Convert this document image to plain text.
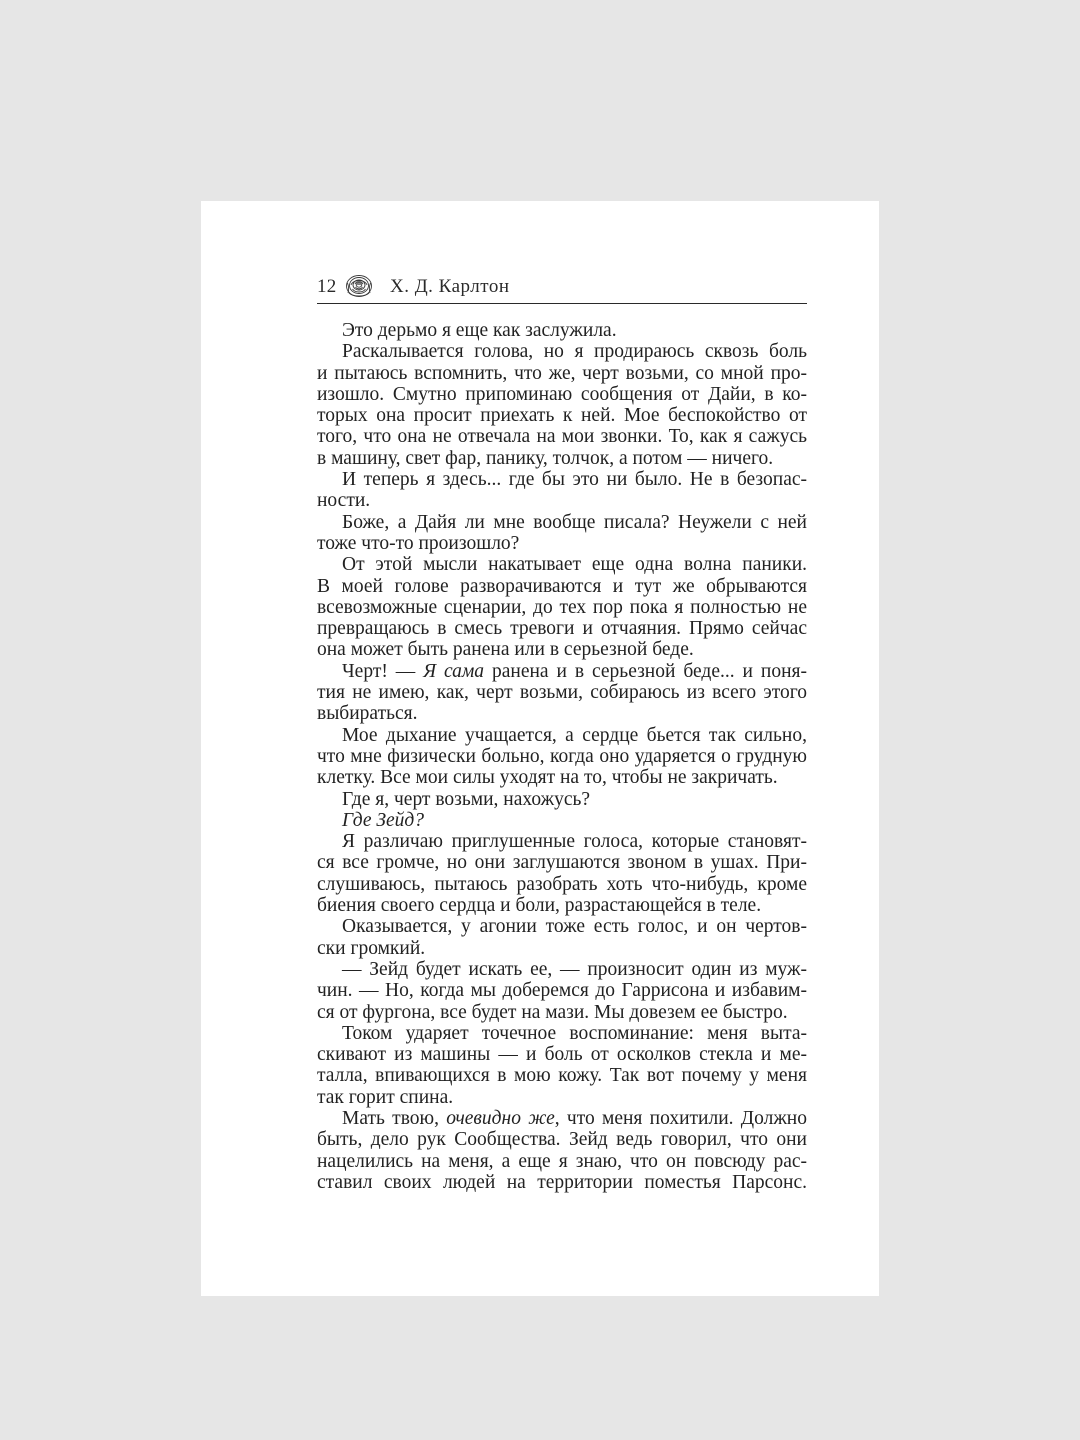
12	Х. Д. Карлтон
Это дерьмо я еще как заслужила.
Раскалывается голова, но я продираюсь сквозь боль
и пытаюсь вспомнить, что же, черт возьми, со мной про-
изошло. Смутно припоминаю сообщения от Дайи, в ко-
торых она просит приехать к ней. Мое беспокойство от
того, что она не отвечала на мои звонки. То, как я сажусь
в машину, свет фар, панику, толчок, а потом — ничего.
И теперь я здесь... где бы это ни было. Не в безопас-
ности.
Боже, а Дайя ли мне вообще писала? Неужели с ней
тоже что-то произошло?
От этой мысли накатывает еще одна волна паники.
В моей голове разворачиваются и тут же обрываются
всевозможные сценарии, до тех пор пока я полностью не
превращаюсь в смесь тревоги и отчаяния. Прямо сейчас
она может быть ранена или в серьезной беде.
Черт! — Я сама ранена и в серьезной беде... и поня-
тия не имею, как, черт возьми, собираюсь из всего этого
выбираться.
Мое дыхание учащается, а сердце бьется так сильно,
что мне физически больно, когда оно ударяется о грудную
клетку. Все мои силы уходят на то, чтобы не закричать.
Где я, черт возьми, нахожусь?
Где Зейд?
Я различаю приглушенные голоса, которые становят-
ся все громче, но они заглушаются звоном в ушах. При-
слушиваюсь, пытаюсь разобрать хоть что-нибудь, кроме
биения своего сердца и боли, разрастающейся в теле.
Оказывается, у агонии тоже есть голос, и он чертов-
ски громкий.
— Зейд будет искать ее, — произносит один из муж-
чин. — Но, когда мы доберемся до Гаррисона и избавим-
ся от фургона, все будет на мази. Мы довезем ее быстро.
Током ударяет точечное воспоминание: меня выта-
скивают из машины — и боль от осколков стекла и ме-
талла, впивающихся в мою кожу. Так вот почему у меня
так горит спина.
Мать твою, очевидно же, что меня похитили. Должно
быть, дело рук Сообщества. Зейд ведь говорил, что они
нацелились на меня, а еще я знаю, что он повсюду рас-
ставил своих людей на территории поместья Парсонс.
